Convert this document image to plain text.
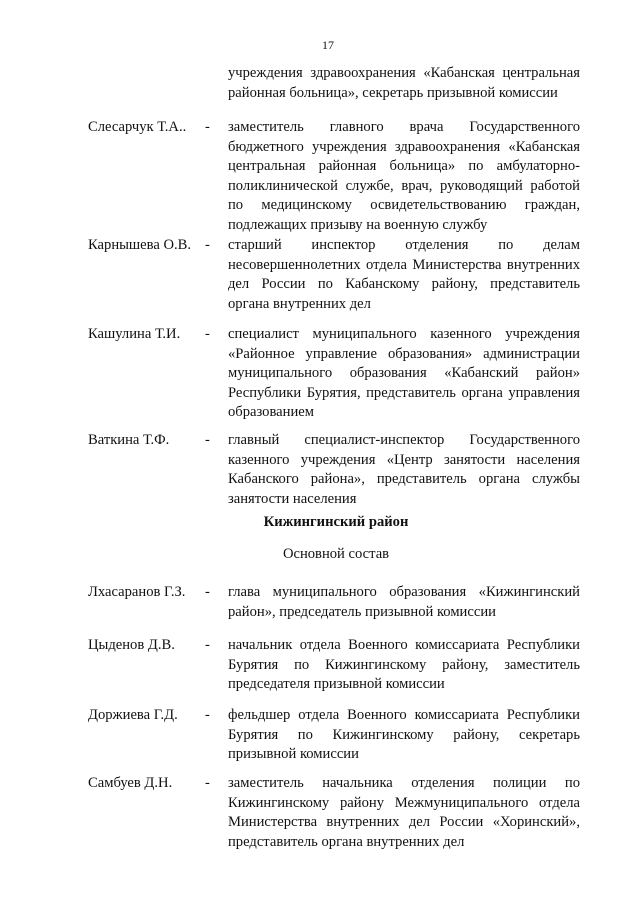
17
учреждения здравоохранения «Кабанская центральная районная больница», секретарь призывной комиссии
Слесарчук Т.А..	- заместитель главного врача Государственного бюджетного учреждения здравоохранения «Кабанская центральная районная больница» по амбулаторно-поликлинической службе, врач, руководящий работой по медицинскому освидетельствованию граждан, подлежащих призыву на военную службу
Карнышева О.В. - старший инспектор отделения по делам несовершеннолетних отдела Министерства внутренних дел России по Кабанскому району, представитель органа внутренних дел
Кашулина Т.И.	- специалист муниципального казенного учреждения «Районное управление образования» администрации муниципального образования «Кабанский район» Республики Бурятия, представитель органа управления образованием
Ваткина Т.Ф.	- главный специалист-инспектор Государственного казенного учреждения «Центр занятости населения Кабанского района», представитель органа службы занятости населения
Кижингинский район
Основной состав
Лхасаранов Г.З.	- глава муниципального образования «Кижингинский район», председатель призывной комиссии
Цыденов Д.В.	- начальник отдела Военного комиссариата Республики Бурятия по Кижингинскому району, заместитель председателя призывной комиссии
Доржиева Г.Д.	- фельдшер отдела Военного комиссариата Республики Бурятия по Кижингинскому району, секретарь призывной комиссии
Самбуев Д.Н.	- заместитель начальника отделения полиции по Кижингинскому району Межмуниципального отдела Министерства внутренних дел России «Хоринский», представитель органа внутренних дел
